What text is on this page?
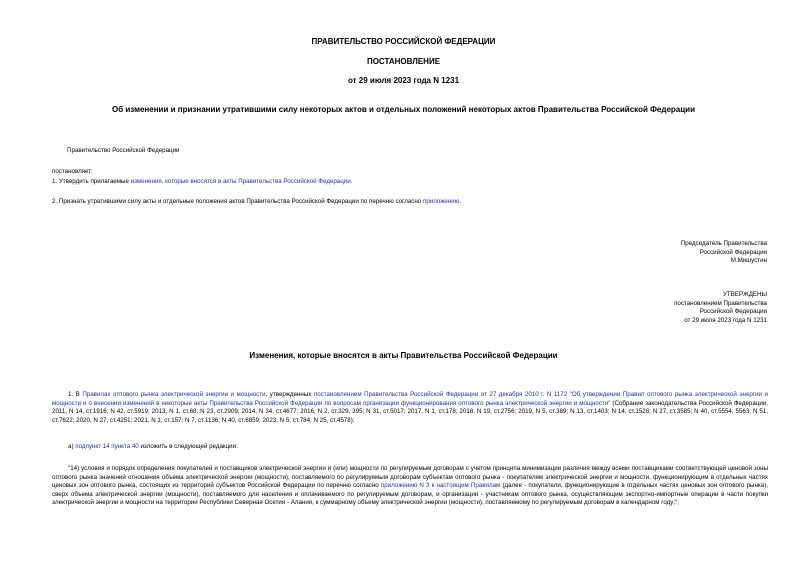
ПРАВИТЕЛЬСТВО РОССИЙСКОЙ ФЕДЕРАЦИИ
ПОСТАНОВЛЕНИЕ
от 29 июля 2023 года N 1231
Об изменении и признании утратившими силу некоторых актов и отдельных положений некоторых актов Правительства Российской Федерации
Правительство Российской Федерации
постановляет:
1. Утвердить прилагаемые изменения, которые вносятся в акты Правительства Российской Федерации.
2. Признать утратившими силу акты и отдельные положения актов Правительства Российской Федерации по перечню согласно приложению.
Председатель Правительства
Российской Федерации
М.Мишустин
УТВЕРЖДЕНЫ
постановлением Правительства
Российской Федерации
от 29 июля 2023 года N 1231
Изменения, которые вносятся в акты Правительства Российской Федерации
1. В Правилах оптового рынка электрической энергии и мощности, утвержденных постановлением Правительства Российской Федерации от 27 декабря 2010 г. N 1172 "Об утверждении Правил оптового рынка электрической энергии и мощности и о внесении изменений в некоторые акты Правительства Российской Федерации по вопросам организации функционирования оптового рынка электрической энергии и мощности" (Собрание законодательства Российской Федерации, 2011, N 14, ст.1916; N 42, ст.5919; 2013, N 1, ст.68; N 23, ст.2909; 2014, N 34, ст.4677; 2016, N 2, ст.329, 395; N 31, ст.5017; 2017, N 1, ст.178; 2018, N 19, ст.2756; 2019, N 5, ст.389; N 13, ст.1403; N 14, ст.1528; N 27, ст.3585; N 40, ст.5554, 5563; N 51, ст.7622; 2020, N 27, ст.4251; 2021, N 1, ст.157; N 7, ст.1136; N 40, ст.6859; 2023, N 5, ст.784; N 25, ст.4578):
а) подпункт 14 пункта 40 изложить в следующей редакции:
"14) условия и порядок определения покупателей и поставщиков электрической энергии и (или) мощности по регулируемым договорам с учетом принципа минимизации различия между всеми поставщиками соответствующей ценовой зоны оптового рынка значений отношения объема электрической энергии (мощности), поставляемого по регулируемым договорам субъектам оптового рынка - покупателям электрической энергии и мощности, функционирующим в отдельных частях ценовых зон оптового рынка, состоящих из территорий субъектов Российской Федерации по перечню согласно приложению N 3 к настоящим Правилам (далее - покупатели, функционирующие в отдельных частях ценовых зон оптового рынка), сверх объема электрической энергии (мощности), поставляемого для населения и оплачиваемого по регулируемым договорам, и организации - участникам оптового рынка, осуществляющим экспортно-импортные операции в части покупки электрической энергии и мощности на территории Республики Северная Осетия - Алания, к суммарному объему электрической энергии (мощности), поставляемому по регулируемым договорам в календарном году;";
